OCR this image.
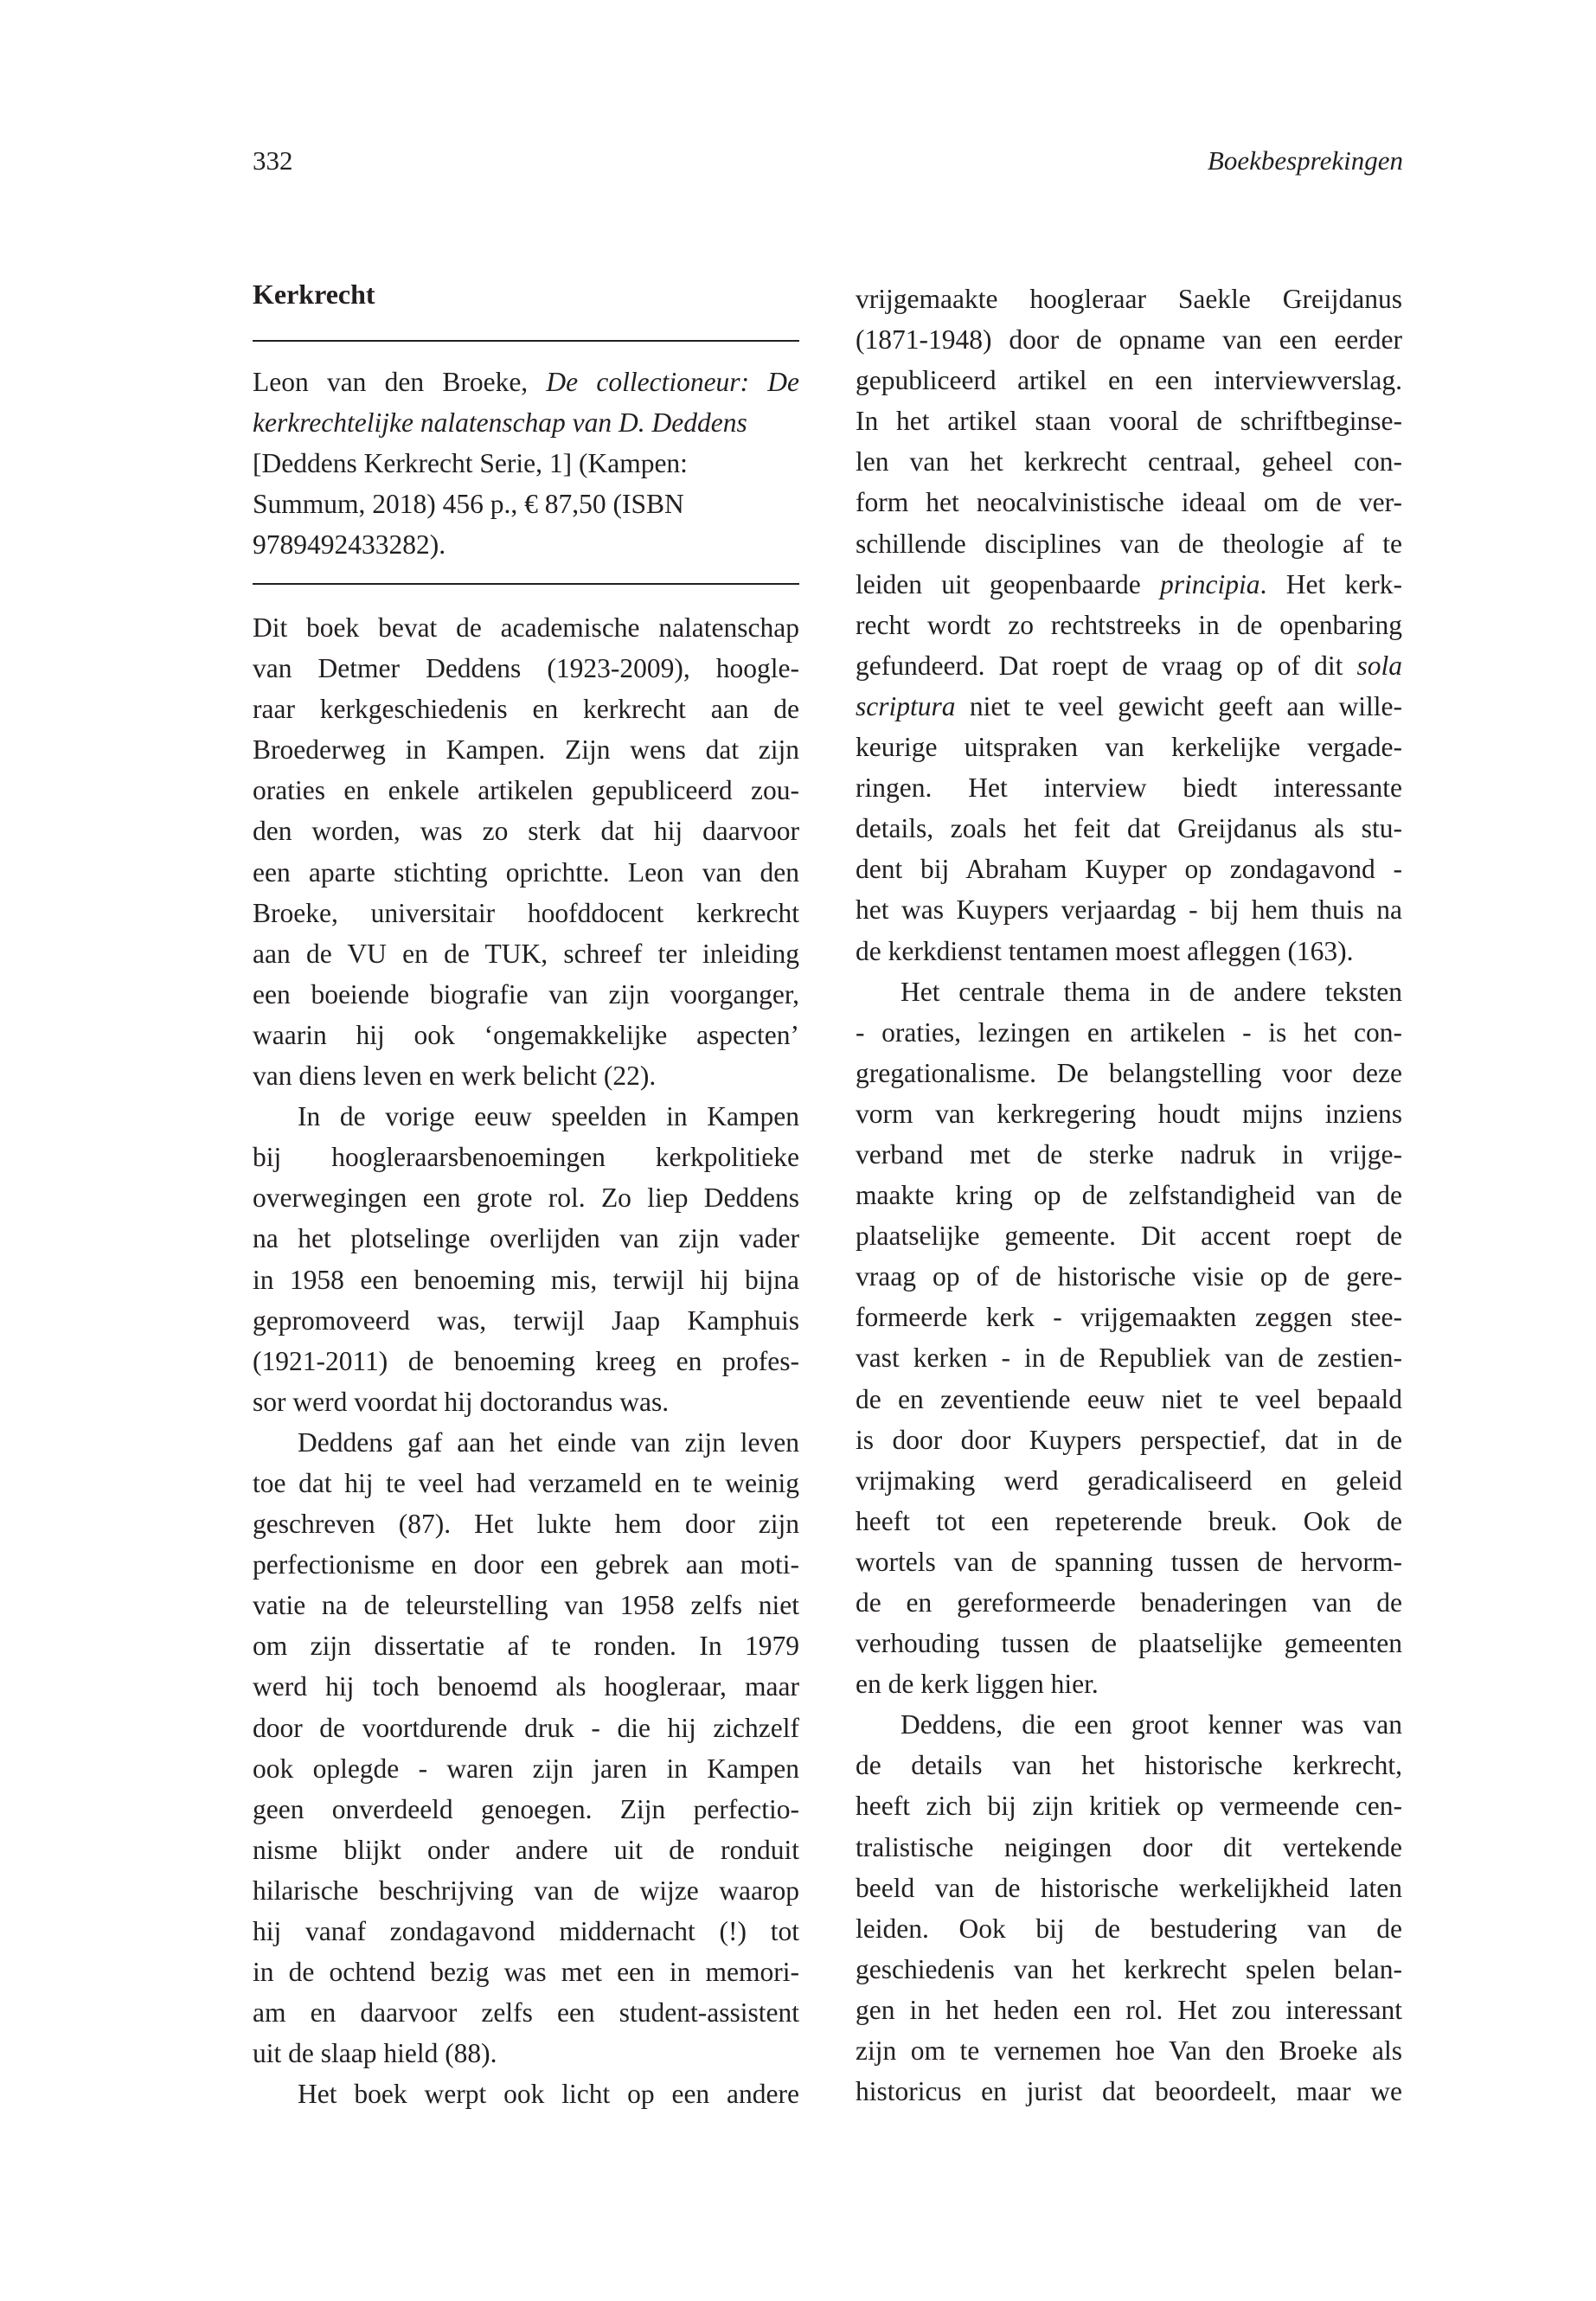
332	Boekbesprekingen
Kerkrecht
Leon van den Broeke, De collectioneur: De
kerkrechtelijke nalatenschap van D. Deddens
[Deddens Kerkrecht Serie, 1] (Kampen:
Summum, 2018) 456 p., € 87,50 (ISBN
9789492433282).
Dit boek bevat de academische nalatenschap
van Detmer Deddens (1923-2009), hoogle-
raar kerkgeschiedenis en kerkrecht aan de
Broederweg in Kampen. Zijn wens dat zijn
oraties en enkele artikelen gepubliceerd zou-
den worden, was zo sterk dat hij daarvoor
een aparte stichting oprichtte. Leon van den
Broeke, universitair hoofddocent kerkrecht
aan de VU en de TUK, schreef ter inleiding
een boeiende biografie van zijn voorganger,
waarin hij ook ‘ongemakkelijke aspecten’
van diens leven en werk belicht (22).
In de vorige eeuw speelden in Kampen
bij hoogleraarsbenoemingen kerkpolitieke
overwegingen een grote rol. Zo liep Deddens
na het plotselinge overlijden van zijn vader
in 1958 een benoeming mis, terwijl hij bijna
gepromoveerd was, terwijl Jaap Kamphuis
(1921-2011) de benoeming kreeg en profes-
sor werd voordat hij doctorandus was.
Deddens gaf aan het einde van zijn leven
toe dat hij te veel had verzameld en te weinig
geschreven (87). Het lukte hem door zijn
perfectionisme en door een gebrek aan moti-
vatie na de teleurstelling van 1958 zelfs niet
om zijn dissertatie af te ronden. In 1979
werd hij toch benoemd als hoogleraar, maar
door de voortdurende druk - die hij zichzelf
ook oplegde - waren zijn jaren in Kampen
geen onverdeeld genoegen. Zijn perfectio-
nisme blijkt onder andere uit de ronduit
hilarische beschrijving van de wijze waarop
hij vanaf zondagavond middernacht (!) tot
in de ochtend bezig was met een in memori-
am en daarvoor zelfs een student-assistent
uit de slaap hield (88).
Het boek werpt ook licht op een andere
vrijgemaakte hoogleraar Saekle Greijdanus
(1871-1948) door de opname van een eerder
gepubliceerd artikel en een interviewverslag.
In het artikel staan vooral de schriftbeginse-
len van het kerkrecht centraal, geheel con-
form het neocalvinistische ideaal om de ver-
schillende disciplines van de theologie af te
leiden uit geopenbaarde principia. Het kerk-
recht wordt zo rechtstreeks in de openbaring
gefundeerd. Dat roept de vraag op of dit sola
scriptura niet te veel gewicht geeft aan wille-
keurige uitspraken van kerkelijke vergade-
ringen. Het interview biedt interessante
details, zoals het feit dat Greijdanus als stu-
dent bij Abraham Kuyper op zondagavond -
het was Kuypers verjaardag - bij hem thuis na
de kerkdienst tentamen moest afleggen (163).
Het centrale thema in de andere teksten
- oraties, lezingen en artikelen - is het con-
gregationalisme. De belangstelling voor deze
vorm van kerkregering houdt mijns inziens
verband met de sterke nadruk in vrijge-
maakte kring op de zelfstandigheid van de
plaatselijke gemeente. Dit accent roept de
vraag op of de historische visie op de gere-
formeerde kerk - vrijgemaakten zeggen stee-
vast kerken - in de Republiek van de zestien-
de en zeventiende eeuw niet te veel bepaald
is door door Kuypers perspectief, dat in de
vrijmaking werd geradicaliseerd en geleid
heeft tot een repeterende breuk. Ook de
wortels van de spanning tussen de hervorm-
de en gereformeerde benaderingen van de
verhouding tussen de plaatselijke gemeenten
en de kerk liggen hier.
Deddens, die een groot kenner was van
de details van het historische kerkrecht,
heeft zich bij zijn kritiek op vermeende cen-
tralistische neigingen door dit vertekende
beeld van de historische werkelijkheid laten
leiden. Ook bij de bestudering van de
geschiedenis van het kerkrecht spelen belan-
gen in het heden een rol. Het zou interessant
zijn om te vernemen hoe Van den Broeke als
historicus en jurist dat beoordeelt, maar we
